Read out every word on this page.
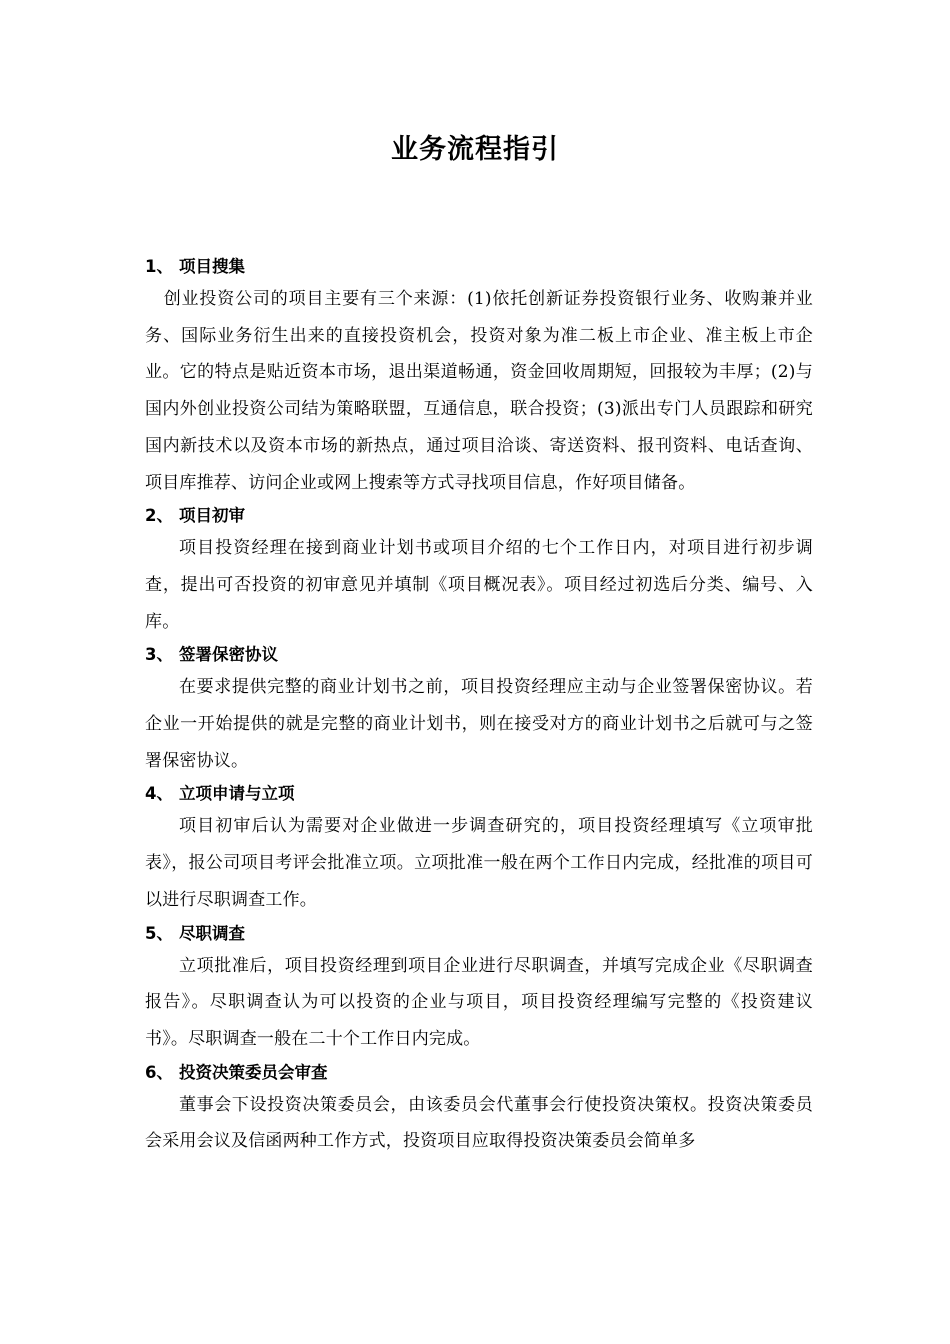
业务流程指引
1、 项目搜集

创业投资公司的项目主要有三个来源：(1)依托创新证券投资银行业务、收购兼并业务、国际业务衍生出来的直接投资机会，投资对象为准二板上市企业、准主板上市企业。它的特点是贴近资本市场，退出渠道畅通，资金回收周期短，回报较为丰厚；(2)与国内外创业投资公司结为策略联盟，互通信息，联合投资；(3)派出专门人员跟踪和研究国内新技术以及资本市场的新热点，通过项目洽谈、寄送资料、报刊资料、电话查询、项目库推荐、访问企业或网上搜索等方式寻找项目信息，作好项目储备。

2、 项目初审

项目投资经理在接到商业计划书或项目介绍的七个工作日内，对项目进行初步调查，提出可否投资的初审意见并填制《项目概况表》。项目经过初选后分类、编号、入库。

3、 签署保密协议

在要求提供完整的商业计划书之前，项目投资经理应主动与企业签署保密协议。若企业一开始提供的就是完整的商业计划书，则在接受对方的商业计划书之后就可与之签署保密协议。

4、 立项申请与立项

项目初审后认为需要对企业做进一步调查研究的，项目投资经理填写《立项审批表》，报公司项目考评会批准立项。立项批准一般在两个工作日内完成，经批准的项目可以进行尽职调查工作。

5、 尽职调查

立项批准后，项目投资经理到项目企业进行尽职调查，并填写完成企业《尽职调查报告》。尽职调查认为可以投资的企业与项目，项目投资经理编写完整的《投资建议书》。尽职调查一般在二十个工作日内完成。

6、 投资决策委员会审查

董事会下设投资决策委员会，由该委员会代董事会行使投资决策权。投资决策委员会采用会议及信函两种工作方式，投资项目应取得投资决策委员会简单多
